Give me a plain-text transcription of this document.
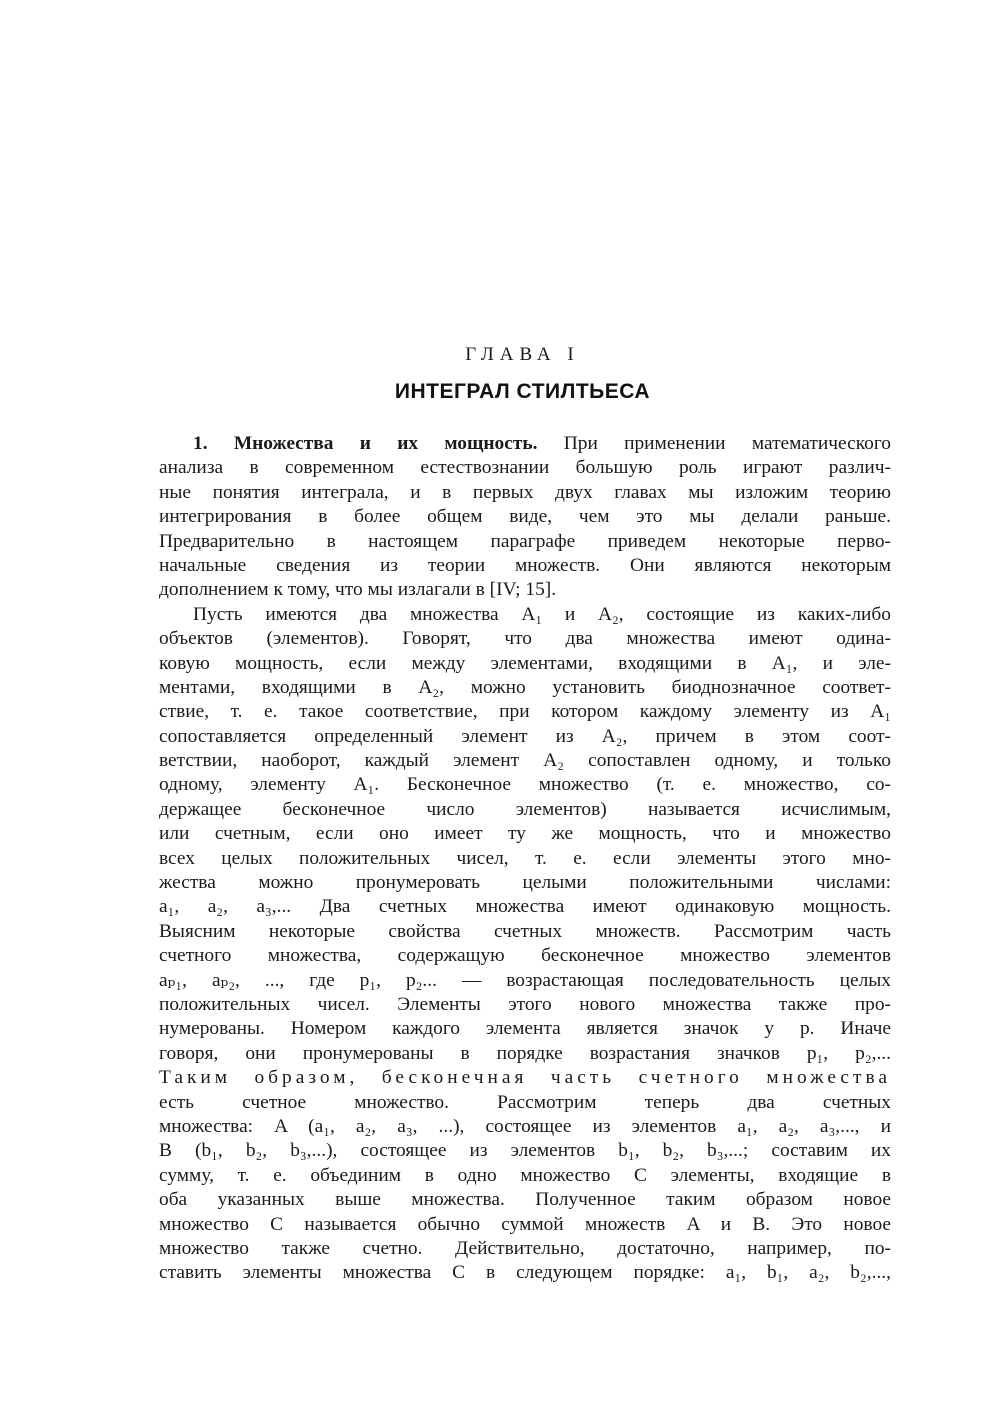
ГЛАВА I
ИНТЕГРАЛ СТИЛТЬЕСА
1. Множества и их мощность. При применении математического
анализа в современном естествознании большую роль играют различ-
ные понятия интеграла, и в первых двух главах мы изложим теорию
интегрирования в более общем виде, чем это мы делали раньше.
Предварительно в настоящем параграфе приведем некоторые перво-
начальные сведения из теории множеств. Они являются некоторым
дополнением к тому, что мы излагали в [IV; 15].
Пусть имеются два множества A₁ и A₂, состоящие из каких-либо
объектов (элементов). Говорят, что два множества имеют одина-
ковую мощность, если между элементами, входящими в A₁, и эле-
ментами, входящими в A₂, можно установить биоднозначное соответ-
ствие, т. е. такое соответствие, при котором каждому элементу из A₁
сопоставляется определенный элемент из A₂, причем в этом соот-
ветствии, наоборот, каждый элемент A₂ сопоставлен одному, и только
одному, элементу A₁. Бесконечное множество (т. е. множество, со-
держащее бесконечное число элементов) называется исчислимым,
или счетным, если оно имеет ту же мощность, что и множество
всех целых положительных чисел, т. е. если элементы этого мно-
жества можно пронумеровать целыми положительными числами:
a₁, a₂, a₃,... Два счетных множества имеют одинаковую мощность.
Выясним некоторые свойства счетных множеств. Рассмотрим часть
счетного множества, содержащую бесконечное множество элементов
aₚ₁, aₚ₂, ..., где p₁, p₂... — возрастающая последовательность целых
положительных чисел. Элементы этого нового множества также про-
нумерованы. Номером каждого элемента является значок у p. Иначе
говоря, они пронумерованы в порядке возрастания значков p₁, p₂,...
Таким образом, бесконечная часть счетного множества
есть счетное множество. Рассмотрим теперь два счетных
множества: A (a₁, a₂, a₃, ...), состоящее из элементов a₁, a₂, a₃,..., и
B (b₁, b₂, b₃,...), состоящее из элементов b₁, b₂, b₃,...; составим их
сумму, т. е. объединим в одно множество C элементы, входящие в
оба указанных выше множества. Полученное таким образом новое
множество C называется обычно суммой множеств A и B. Это новое
множество также счетно. Действительно, достаточно, например, по-
ставить элементы множества C в следующем порядке: a₁, b₁, a₂, b₂,...,
